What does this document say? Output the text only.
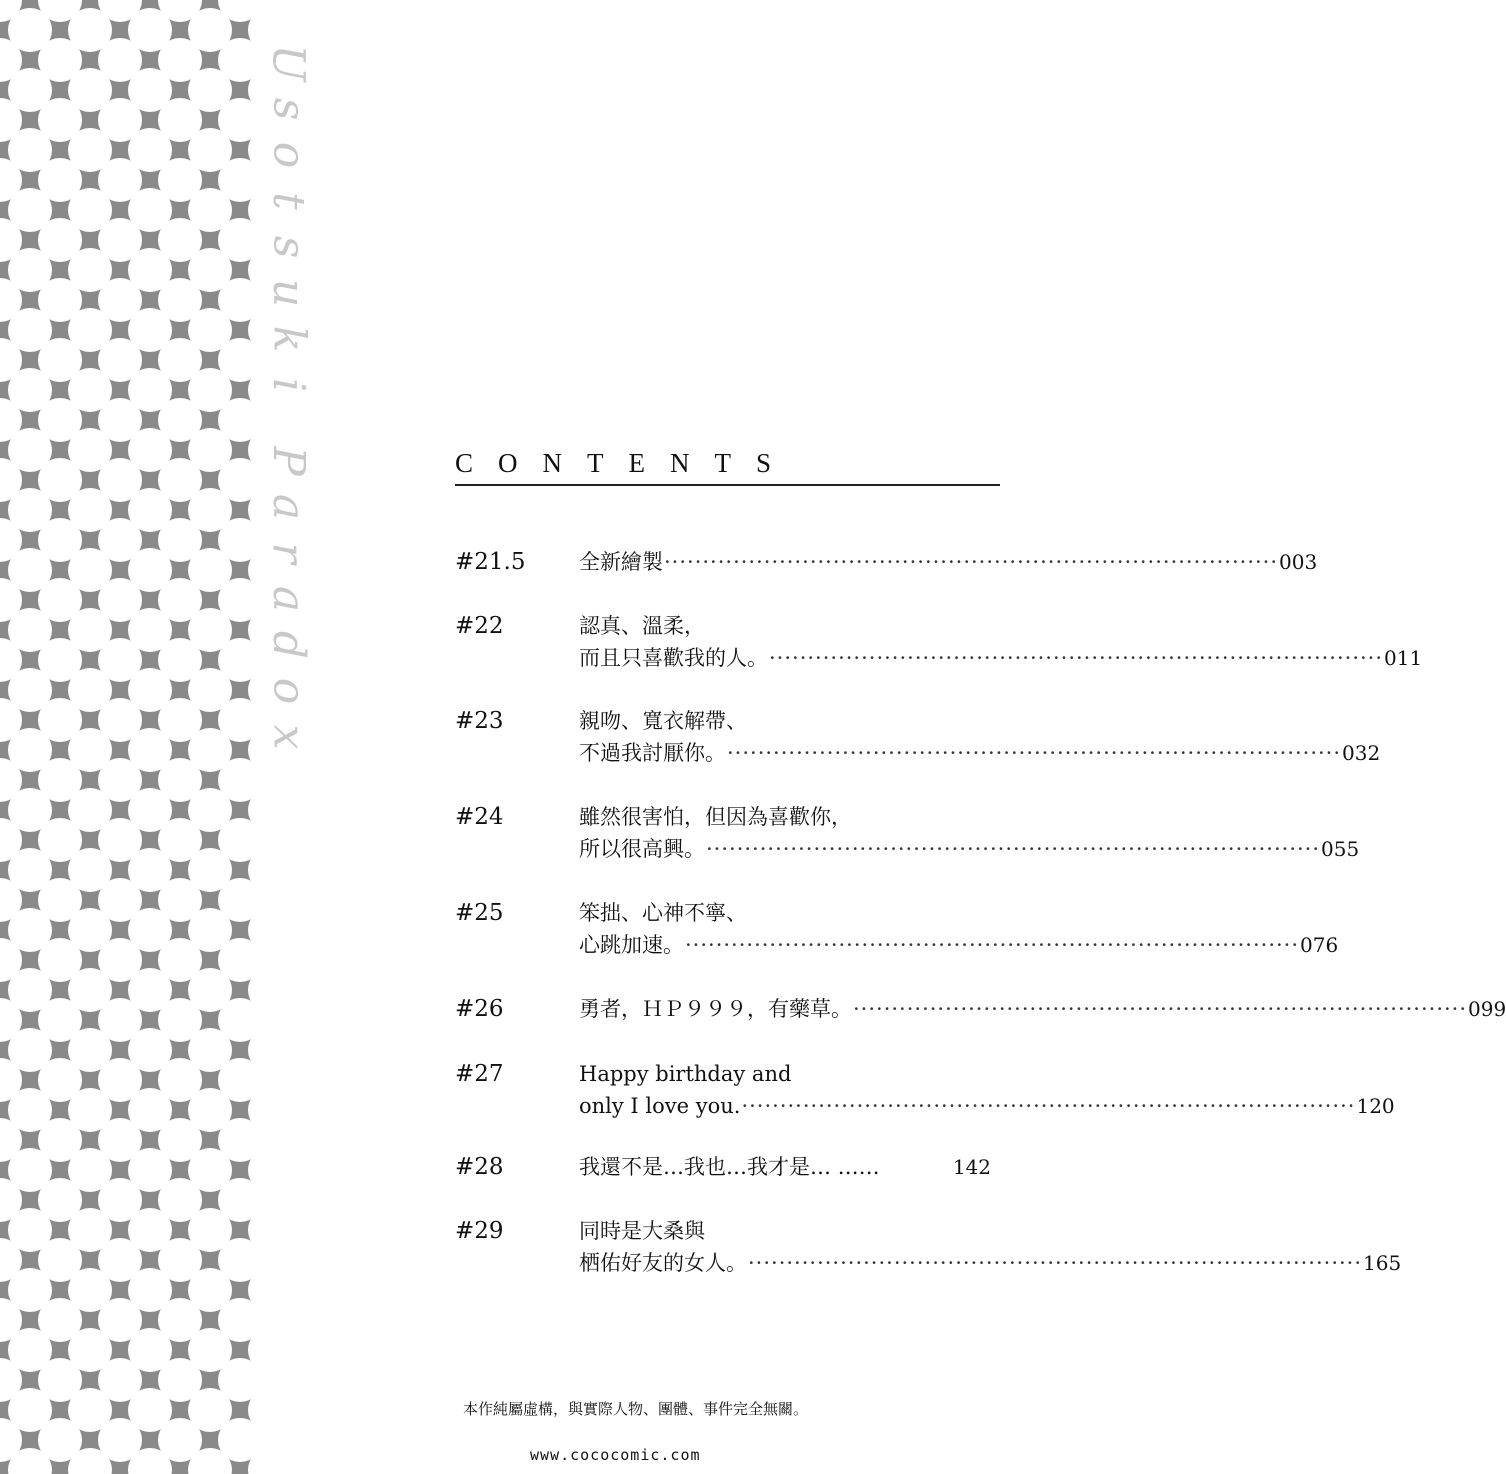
U
s
o
t
s
u
k
i
P
a
r
a
d
o
x
CONTENTS
#21.5	全新繪製 ················································································ 003
#22	認真、溫柔，
而且只喜歡我的人。 ················································································ 011
#23	親吻、寬衣解帶、
不過我討厭你。 ················································································ 032
#24	雖然很害怕，但因為喜歡你，
所以很高興。 ················································································ 055
#25	笨拙、心神不寧、
心跳加速。 ················································································ 076
#26	勇者，ＨＰ９９９，有藥草。 ················································································ 099
#27	Happy birthday and
only I love you. ················································································ 120
#28	我還不是…我也…我才是… ……	142
#29	同時是大桑與
栖佑好友的女人。 ················································································ 165
本作純屬虛構，與實際人物、團體、事件完全無關。
www.cococomic.com
